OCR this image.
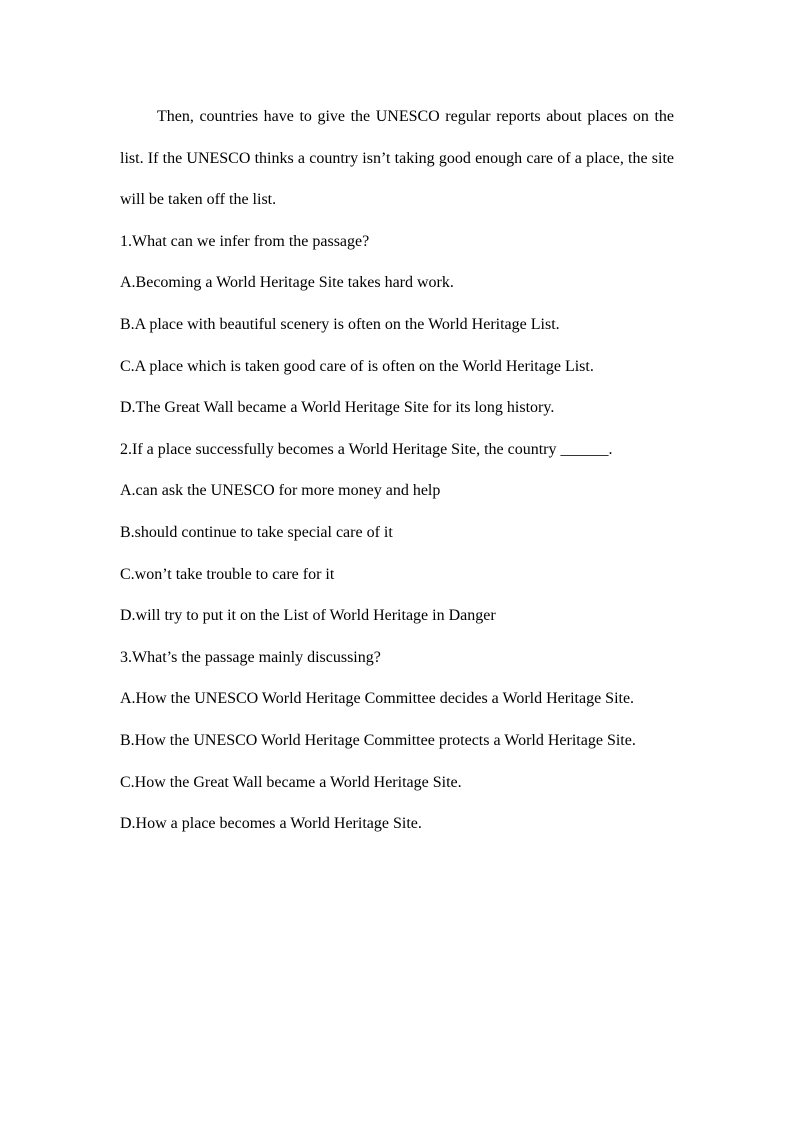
Then, countries have to give the UNESCO regular reports about places on the list. If the UNESCO thinks a country isn’t taking good enough care of a place, the site will be taken off the list.

1.What can we infer from the passage?

A.Becoming a World Heritage Site takes hard work.

B.A place with beautiful scenery is often on the World Heritage List.

C.A place which is taken good care of is often on the World Heritage List.

D.The Great Wall became a World Heritage Site for its long history.

2.If a place successfully becomes a World Heritage Site, the country ______.

A.can ask the UNESCO for more money and help

B.should continue to take special care of it

C.won’t take trouble to care for it

D.will try to put it on the List of World Heritage in Danger

3.What’s the passage mainly discussing?

A.How the UNESCO World Heritage Committee decides a World Heritage Site.

B.How the UNESCO World Heritage Committee protects a World Heritage Site.

C.How the Great Wall became a World Heritage Site.

D.How a place becomes a World Heritage Site.
